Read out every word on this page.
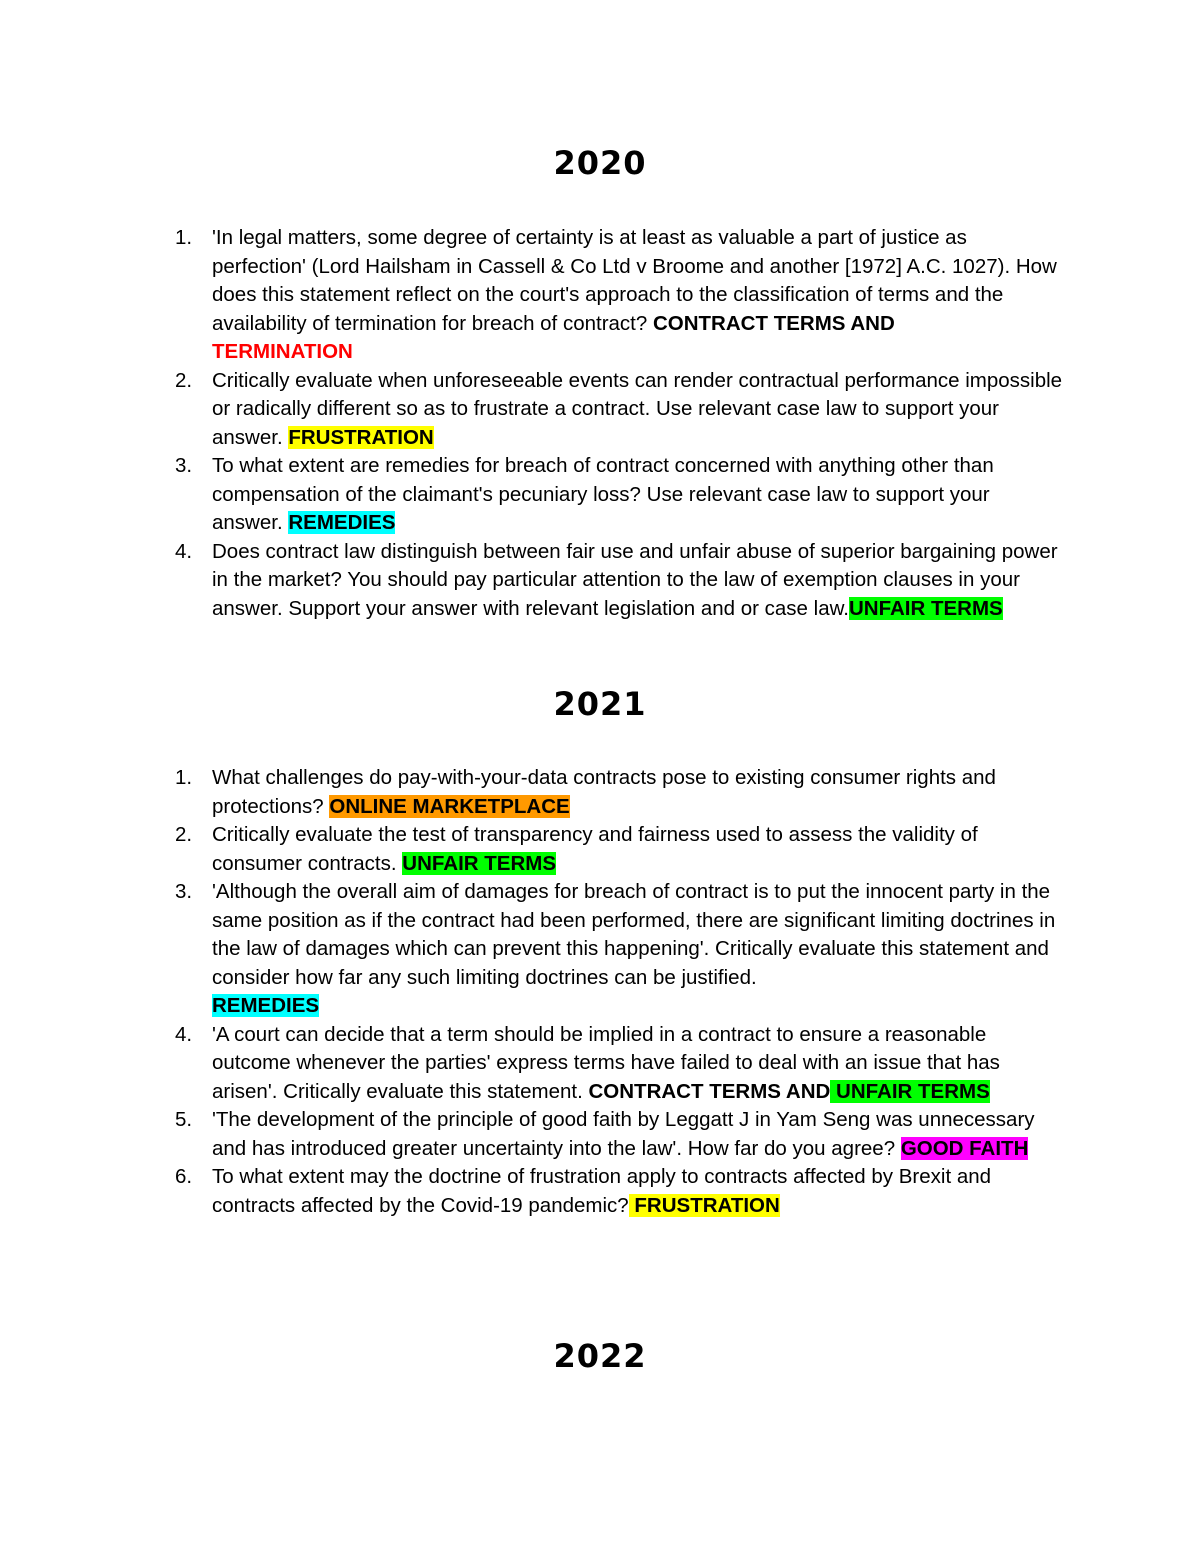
2020
1. 'In legal matters, some degree of certainty is at least as valuable a part of justice as perfection' (Lord Hailsham in Cassell & Co Ltd v Broome and another [1972] A.C. 1027). How does this statement reflect on the court's approach to the classification of terms and the availability of termination for breach of contract? CONTRACT TERMS AND
TERMINATION
2. Critically evaluate when unforeseeable events can render contractual performance impossible or radically different so as to frustrate a contract. Use relevant case law to support your answer. FRUSTRATION
3. To what extent are remedies for breach of contract concerned with anything other than compensation of the claimant's pecuniary loss? Use relevant case law to support your answer. REMEDIES
4. Does contract law distinguish between fair use and unfair abuse of superior bargaining power in the market? You should pay particular attention to the law of exemption clauses in your answer. Support your answer with relevant legislation and or case law.UNFAIR TERMS
2021
1. What challenges do pay-with-your-data contracts pose to existing consumer rights and protections? ONLINE MARKETPLACE
2. Critically evaluate the test of transparency and fairness used to assess the validity of consumer contracts. UNFAIR TERMS
3. 'Although the overall aim of damages for breach of contract is to put the innocent party in the same position as if the contract had been performed, there are significant limiting doctrines in the law of damages which can prevent this happening'. Critically evaluate this statement and consider how far any such limiting doctrines can be justified.
REMEDIES
4. 'A court can decide that a term should be implied in a contract to ensure a reasonable outcome whenever the parties' express terms have failed to deal with an issue that has arisen'. Critically evaluate this statement. CONTRACT TERMS AND UNFAIR TERMS
5. 'The development of the principle of good faith by Leggatt J in Yam Seng was unnecessary and has introduced greater uncertainty into the law'. How far do you agree? GOOD FAITH
6. To what extent may the doctrine of frustration apply to contracts affected by Brexit and contracts affected by the Covid-19 pandemic? FRUSTRATION
2022
